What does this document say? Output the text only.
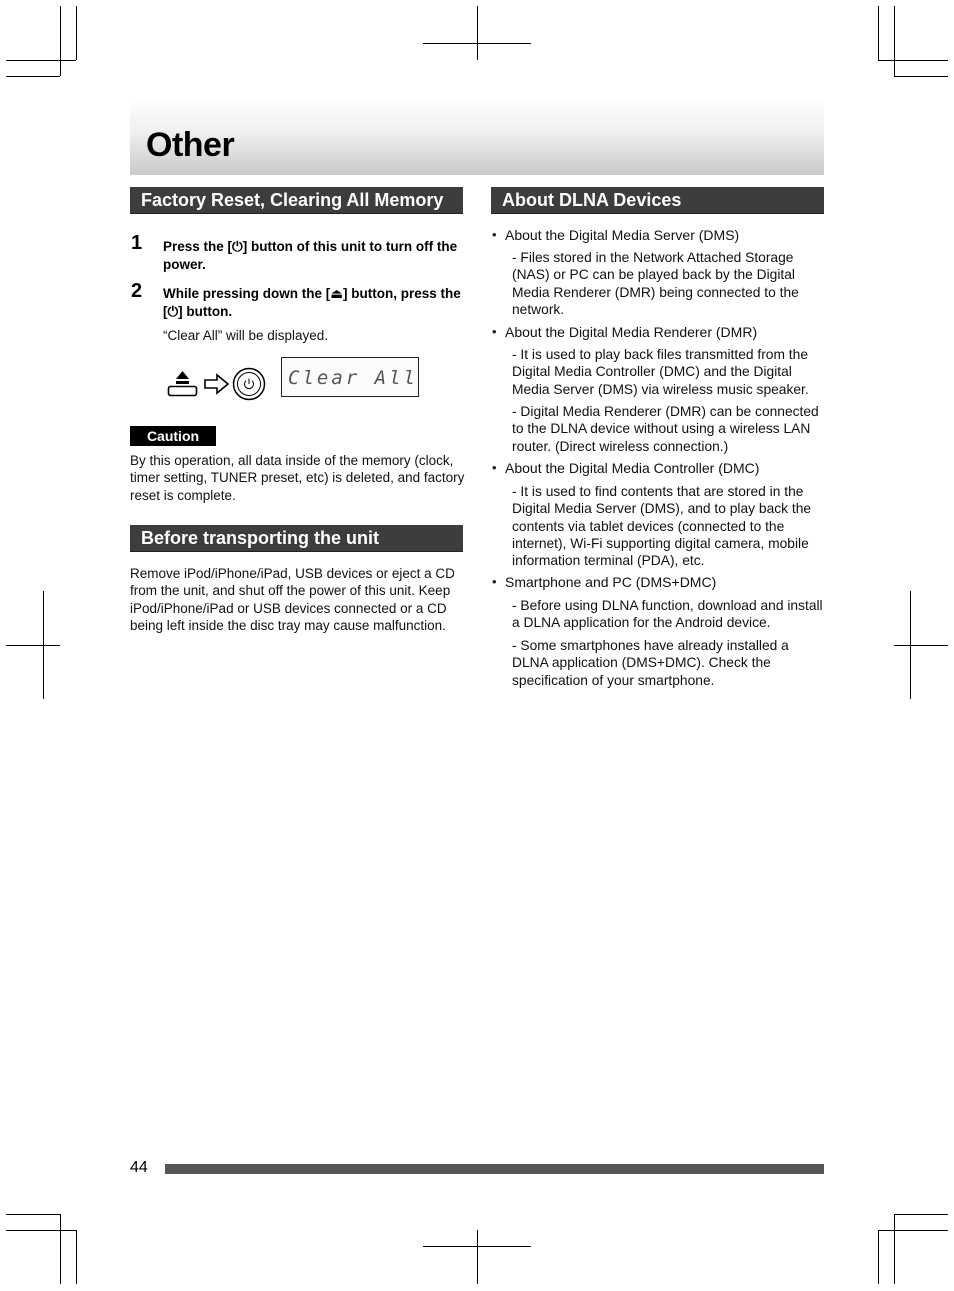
Other
Factory Reset, Clearing All Memory
1 Press the [⏻] button of this unit to turn off the power.
2 While pressing down the [⏏] button, press the [⏻] button.
“Clear All” will be displayed.
Clear All
Caution
By this operation, all data inside of the memory (clock, timer setting, TUNER preset, etc) is deleted, and factory reset is complete.
Before transporting the unit
Remove iPod/iPhone/iPad, USB devices or eject a CD from the unit, and shut off the power of this unit. Keep iPod/iPhone/iPad or USB devices connected or a CD being left inside the disc tray may cause malfunction.
About DLNA Devices
• About the Digital Media Server (DMS)
- Files stored in the Network Attached Storage (NAS) or PC can be played back by the Digital Media Renderer (DMR) being connected to the network.
• About the Digital Media Renderer (DMR)
- It is used to play back files transmitted from the Digital Media Controller (DMC) and the Digital Media Server (DMS) via wireless music speaker.
- Digital Media Renderer (DMR) can be connected to the DLNA device without using a wireless LAN router. (Direct wireless connection.)
• About the Digital Media Controller (DMC)
- It is used to find contents that are stored in the Digital Media Server (DMS), and to play back the contents via tablet devices (connected to the internet), Wi-Fi supporting digital camera, mobile information terminal (PDA), etc.
• Smartphone and PC (DMS+DMC)
- Before using DLNA function, download and install a DLNA application for the Android device.
- Some smartphones have already installed a DLNA application (DMS+DMC). Check the specification of your smartphone.
44
